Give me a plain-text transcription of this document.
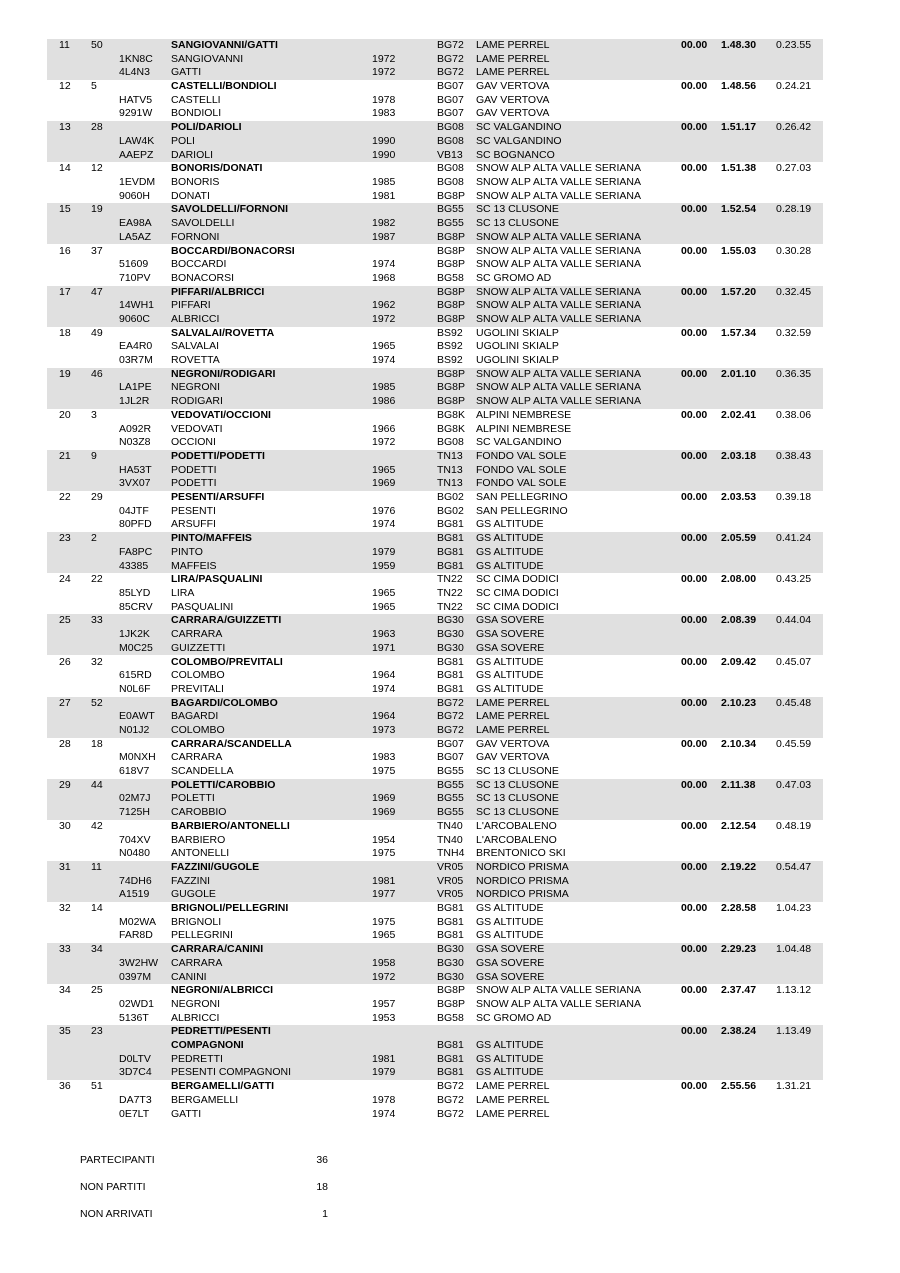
11 50	SANGIOVANNI/GATTI	BG72 LAME PERREL	00.00 1.48.30 0.23.55
1KN8C SANGIOVANNI	1972	BG72 LAME PERREL
4L4N3 GATTI	1972	BG72 LAME PERREL
12 5	CASTELLI/BONDIOLI	BG07 GAV VERTOVA	00.00 1.48.56 0.24.21
HATV5 CASTELLI	1978	BG07 GAV VERTOVA
9291W BONDIOLI	1983	BG07 GAV VERTOVA
13 28	POLI/DARIOLI	BG08 SC VALGANDINO	00.00 1.51.17 0.26.42
LAW4K POLI	1990	BG08 SC VALGANDINO
AAEPZ DARIOLI	1990	VB13 SC BOGNANCO
14 12	BONORIS/DONATI	BG08 SNOW ALP ALTA VALLE SERIANA	00.00 1.51.38 0.27.03
1EVDM BONORIS	1985	BG08 SNOW ALP ALTA VALLE SERIANA
9060H DONATI	1981	BG8P SNOW ALP ALTA VALLE SERIANA
15 19	SAVOLDELLI/FORNONI	BG55 SC 13 CLUSONE	00.00 1.52.54 0.28.19
EA98A SAVOLDELLI	1982	BG55 SC 13 CLUSONE
LA5AZ FORNONI	1987	BG8P SNOW ALP ALTA VALLE SERIANA
16 37	BOCCARDI/BONACORSI	BG8P SNOW ALP ALTA VALLE SERIANA	00.00 1.55.03 0.30.28
51609 BOCCARDI	1974	BG8P SNOW ALP ALTA VALLE SERIANA
710PV BONACORSI	1968	BG58 SC GROMO AD
17 47	PIFFARI/ALBRICCI	BG8P SNOW ALP ALTA VALLE SERIANA	00.00 1.57.20 0.32.45
14WH1 PIFFARI	1962	BG8P SNOW ALP ALTA VALLE SERIANA
9060C ALBRICCI	1972	BG8P SNOW ALP ALTA VALLE SERIANA
18 49	SALVALAI/ROVETTA	BS92 UGOLINI SKIALP	00.00 1.57.34 0.32.59
EA4R0 SALVALAI	1965	BS92 UGOLINI SKIALP
03R7M ROVETTA	1974	BS92 UGOLINI SKIALP
19 46	NEGRONI/RODIGARI	BG8P SNOW ALP ALTA VALLE SERIANA	00.00 2.01.10 0.36.35
LA1PE NEGRONI	1985	BG8P SNOW ALP ALTA VALLE SERIANA
1JL2R RODIGARI	1986	BG8P SNOW ALP ALTA VALLE SERIANA
20 3	VEDOVATI/OCCIONI	BG8K ALPINI NEMBRESE	00.00 2.02.41 0.38.06
A092R VEDOVATI	1966	BG8K ALPINI NEMBRESE
N03Z8 OCCIONI	1972	BG08 SC VALGANDINO
21 9	PODETTI/PODETTI	TN13 FONDO VAL SOLE	00.00 2.03.18 0.38.43
HA53T PODETTI	1965	TN13 FONDO VAL SOLE
3VX07 PODETTI	1969	TN13 FONDO VAL SOLE
22 29	PESENTI/ARSUFFI	BG02 SAN PELLEGRINO	00.00 2.03.53 0.39.18
04JTF PESENTI	1976	BG02 SAN PELLEGRINO
80PFD ARSUFFI	1974	BG81 GS ALTITUDE
23 2	PINTO/MAFFEIS	BG81 GS ALTITUDE	00.00 2.05.59 0.41.24
FA8PC PINTO	1979	BG81 GS ALTITUDE
43385 MAFFEIS	1959	BG81 GS ALTITUDE
24 22	LIRA/PASQUALINI	TN22 SC CIMA DODICI	00.00 2.08.00 0.43.25
85LYD LIRA	1965	TN22 SC CIMA DODICI
85CRV PASQUALINI	1965	TN22 SC CIMA DODICI
25 33	CARRARA/GUIZZETTI	BG30 GSA SOVERE	00.00 2.08.39 0.44.04
1JK2K CARRARA	1963	BG30 GSA SOVERE
M0C25 GUIZZETTI	1971	BG30 GSA SOVERE
26 32	COLOMBO/PREVITALI	BG81 GS ALTITUDE	00.00 2.09.42 0.45.07
615RD COLOMBO	1964	BG81 GS ALTITUDE
N0L6F PREVITALI	1974	BG81 GS ALTITUDE
27 52	BAGARDI/COLOMBO	BG72 LAME PERREL	00.00 2.10.23 0.45.48
E0AWT BAGARDI	1964	BG72 LAME PERREL
N01J2 COLOMBO	1973	BG72 LAME PERREL
28 18	CARRARA/SCANDELLA	BG07 GAV VERTOVA	00.00 2.10.34 0.45.59
M0NXH CARRARA	1983	BG07 GAV VERTOVA
618V7 SCANDELLA	1975	BG55 SC 13 CLUSONE
29 44	POLETTI/CAROBBIO	BG55 SC 13 CLUSONE	00.00 2.11.38 0.47.03
02M7J POLETTI	1969	BG55 SC 13 CLUSONE
7125H CAROBBIO	1969	BG55 SC 13 CLUSONE
30 42	BARBIERO/ANTONELLI	TN40 L'ARCOBALENO	00.00 2.12.54 0.48.19
704XV BARBIERO	1954	TN40 L'ARCOBALENO
N0480 ANTONELLI	1975	TNH4 BRENTONICO SKI
31 11	FAZZINI/GUGOLE	VR05 NORDICO PRISMA	00.00 2.19.22 0.54.47
74DH6 FAZZINI	1981	VR05 NORDICO PRISMA
A1519 GUGOLE	1977	VR05 NORDICO PRISMA
32 14	BRIGNOLI/PELLEGRINI	BG81 GS ALTITUDE	00.00 2.28.58 1.04.23
M02WA BRIGNOLI	1975	BG81 GS ALTITUDE
FAR8D PELLEGRINI	1965	BG81 GS ALTITUDE
33 34	CARRARA/CANINI	BG30 GSA SOVERE	00.00 2.29.23 1.04.48
3W2HW CARRARA	1958	BG30 GSA SOVERE
0397M CANINI	1972	BG30 GSA SOVERE
34 25	NEGRONI/ALBRICCI	BG8P SNOW ALP ALTA VALLE SERIANA	00.00 2.37.47 1.13.12
02WD1 NEGRONI	1957	BG8P SNOW ALP ALTA VALLE SERIANA
5136T ALBRICCI	1953	BG58 SC GROMO AD
35 23	PEDRETTI/PESENTI	00.00 2.38.24 1.13.49
COMPAGNONI	BG81 GS ALTITUDE
D0LTV PEDRETTI	1981	BG81 GS ALTITUDE
3D7C4 PESENTI COMPAGNONI	1979	BG81 GS ALTITUDE
36 51	BERGAMELLI/GATTI	BG72 LAME PERREL	00.00 2.55.56 1.31.21
DA7T3 BERGAMELLI	1978	BG72 LAME PERREL
0E7LT GATTI	1974	BG72 LAME PERREL
PARTECIPANTI	36
NON PARTITI	18
NON ARRIVATI	1
